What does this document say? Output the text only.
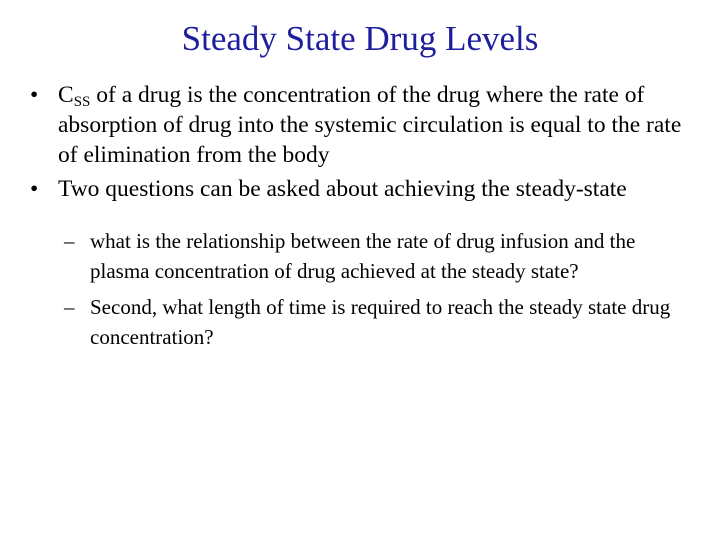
Steady State Drug Levels
• $C_{SS}$ of a drug is the concentration of the drug where the rate of absorption of drug into the systemic circulation is equal to the rate of elimination from the body
• Two questions can be asked about achieving the steady-state
– what is the relationship between the rate of drug infusion and the plasma concentration of drug achieved at the steady state?
– Second, what length of time is required to reach the steady state drug concentration?
